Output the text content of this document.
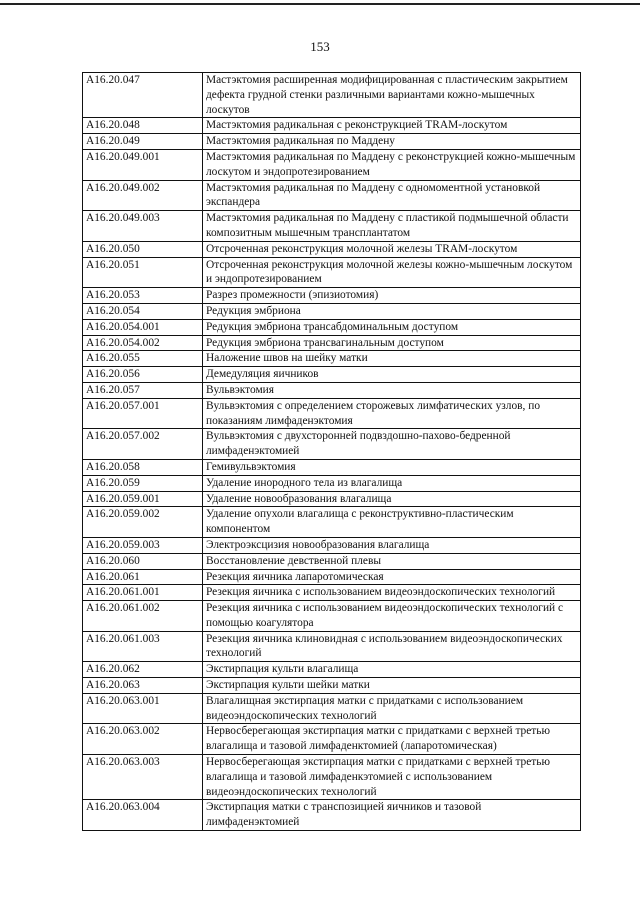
153
A16.20.047	Мастэктомия расширенная модифицированная с пластическим закрытием дефекта грудной стенки различными вариантами кожно-мышечных лоскутов
A16.20.048	Мастэктомия радикальная с реконструкцией TRAM-лоскутом
A16.20.049	Мастэктомия радикальная по Маддену
A16.20.049.001	Мастэктомия радикальная по Маддену с реконструкцией кожно-мышечным лоскутом и эндопротезированием
A16.20.049.002	Мастэктомия радикальная по Маддену с одномоментной установкой экспандера
A16.20.049.003	Мастэктомия радикальная по Маддену с пластикой подмышечной области композитным мышечным трансплантатом
A16.20.050	Отсроченная реконструкция молочной железы TRAM-лоскутом
A16.20.051	Отсроченная реконструкция молочной железы кожно-мышечным лоскутом и эндопротезированием
A16.20.053	Разрез промежности (эпизиотомия)
A16.20.054	Редукция эмбриона
A16.20.054.001	Редукция эмбриона трансабдоминальным доступом
A16.20.054.002	Редукция эмбриона трансвагинальным доступом
A16.20.055	Наложение швов на шейку матки
A16.20.056	Демедуляция яичников
A16.20.057	Вульвэктомия
A16.20.057.001	Вульвэктомия с определением сторожевых лимфатических узлов, по показаниям лимфаденэктомия
A16.20.057.002	Вульвэктомия с двухсторонней подвздошно-пахово-бедренной лимфаденэктомией
A16.20.058	Гемивульвэктомия
A16.20.059	Удаление инородного тела из влагалища
A16.20.059.001	Удаление новообразования влагалища
A16.20.059.002	Удаление опухоли влагалища с реконструктивно-пластическим компонентом
A16.20.059.003	Электроэксцизия новообразования влагалища
A16.20.060	Восстановление девственной плевы
A16.20.061	Резекция яичника лапаротомическая
A16.20.061.001	Резекция яичника с использованием видеоэндоскопических технологий
A16.20.061.002	Резекция яичника с использованием видеоэндоскопических технологий с помощью коагулятора
A16.20.061.003	Резекция яичника клиновидная с использованием видеоэндоскопических технологий
A16.20.062	Экстирпация культи влагалища
A16.20.063	Экстирпация культи шейки матки
A16.20.063.001	Влагалищная экстирпация матки с придатками с использованием видеоэндоскопических технологий
A16.20.063.002	Нервосберегающая экстирпация матки с придатками с верхней третью влагалища и тазовой лимфаденктомией (лапаротомическая)
A16.20.063.003	Нервосберегающая экстирпация матки с придатками с верхней третью влагалища и тазовой лимфаденкэтомией с использованием видеоэндоскопических технологий
A16.20.063.004	Экстирпация матки с транспозицией яичников и тазовой лимфаденэктомией
